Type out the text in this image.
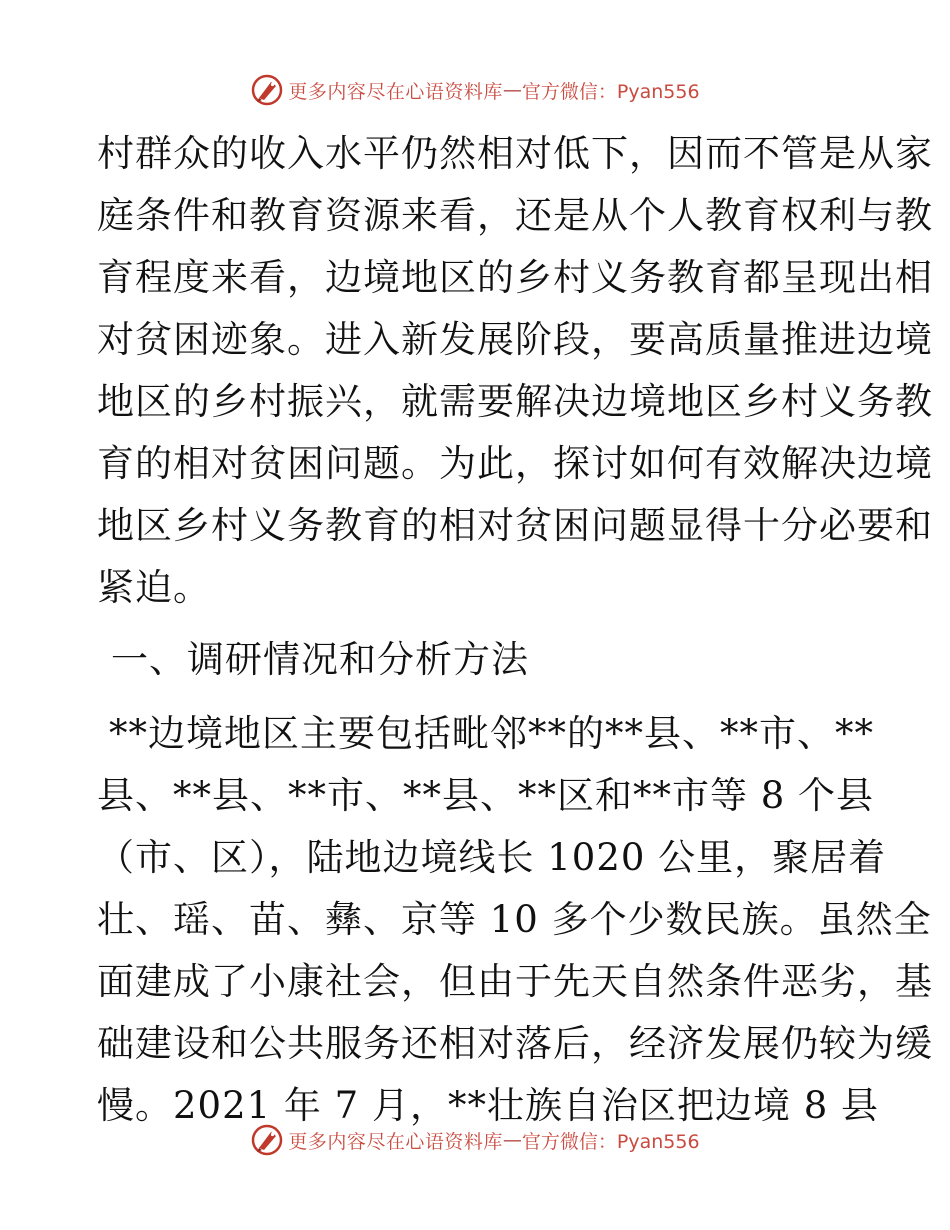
更多内容尽在心语资料库 — 官方微信：Pyan556
村群众的收入水平仍然相对低下，因而不管是从家
庭条件和教育资源来看，还是从个人教育权利与教
育程度来看，边境地区的乡村义务教育都呈现出相
对贫困迹象。进入新发展阶段，要高质量推进边境
地区的乡村振兴，就需要解决边境地区乡村义务教
育的相对贫困问题。为此，探讨如何有效解决边境
地区乡村义务教育的相对贫困问题显得十分必要和
紧迫。
一、调研情况和分析方法
**边境地区主要包括毗邻**的**县、**市、**
县、**县、**市、**县、**区和**市等 8 个县
（市、区），陆地边境线长 1020 公里，聚居着
壮、瑶、苗、彝、京等 10 多个少数民族。虽然全
面建成了小康社会，但由于先天自然条件恶劣，基
础建设和公共服务还相对落后，经济发展仍较为缓
慢。2021 年 7 月，**壮族自治区把边境 8 县
更多内容尽在心语资料库 — 官方微信：Pyan556
